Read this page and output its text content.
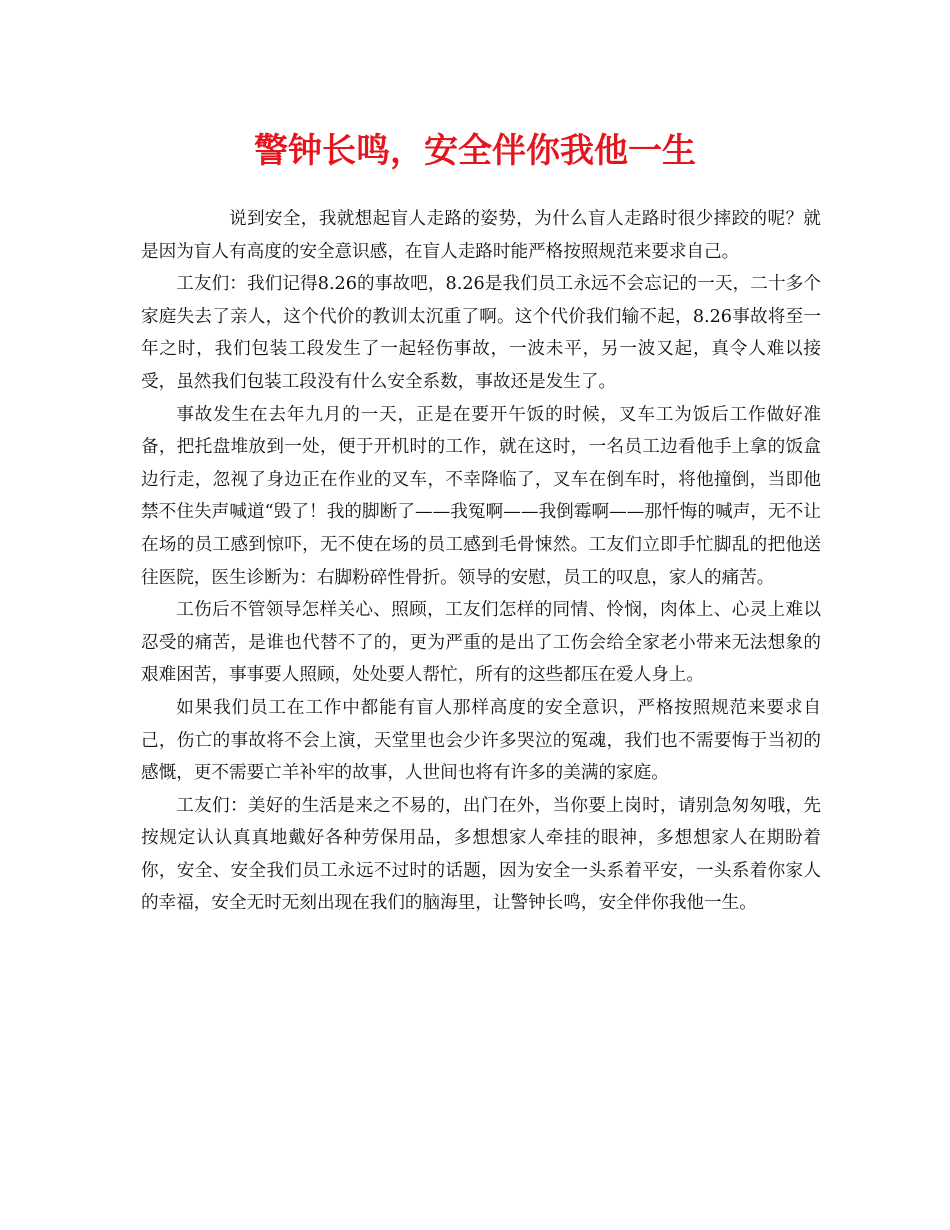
警钟长鸣，安全伴你我他一生

说到安全，我就想起盲人走路的姿势，为什么盲人走路时很少摔跤的呢？就是因为盲人有高度的安全意识感，在盲人走路时能严格按照规范来要求自己。

工友们：我们记得8.26的事故吧，8.26是我们员工永远不会忘记的一天，二十多个家庭失去了亲人，这个代价的教训太沉重了啊。这个代价我们输不起，8.26事故将至一年之时，我们包装工段发生了一起轻伤事故，一波未平，另一波又起，真令人难以接受，虽然我们包装工段没有什么安全系数，事故还是发生了。

事故发生在去年九月的一天，正是在要开午饭的时候，叉车工为饭后工作做好准备，把托盘堆放到一处，便于开机时的工作，就在这时，一名员工边看他手上拿的饭盒边行走，忽视了身边正在作业的叉车，不幸降临了，叉车在倒车时，将他撞倒，当即他禁不住失声喊道“毁了！我的脚断了——我冤啊——我倒霉啊——那忏悔的喊声，无不让在场的员工感到惊吓，无不使在场的员工感到毛骨悚然。工友们立即手忙脚乱的把他送往医院，医生诊断为：右脚粉碎性骨折。领导的安慰，员工的叹息，家人的痛苦。

工伤后不管领导怎样关心、照顾，工友们怎样的同情、怜悯，肉体上、心灵上难以忍受的痛苦，是谁也代替不了的，更为严重的是出了工伤会给全家老小带来无法想象的艰难困苦，事事要人照顾，处处要人帮忙，所有的这些都压在爱人身上。

如果我们员工在工作中都能有盲人那样高度的安全意识，严格按照规范来要求自己，伤亡的事故将不会上演，天堂里也会少许多哭泣的冤魂，我们也不需要悔于当初的感慨，更不需要亡羊补牢的故事，人世间也将有许多的美满的家庭。

工友们：美好的生活是来之不易的，出门在外，当你要上岗时，请别急匆匆哦，先按规定认认真真地戴好各种劳保用品，多想想家人牵挂的眼神，多想想家人在期盼着你，安全、安全我们员工永远不过时的话题，因为安全一头系着平安，一头系着你家人的幸福，安全无时无刻出现在我们的脑海里，让警钟长鸣，安全伴你我他一生。
